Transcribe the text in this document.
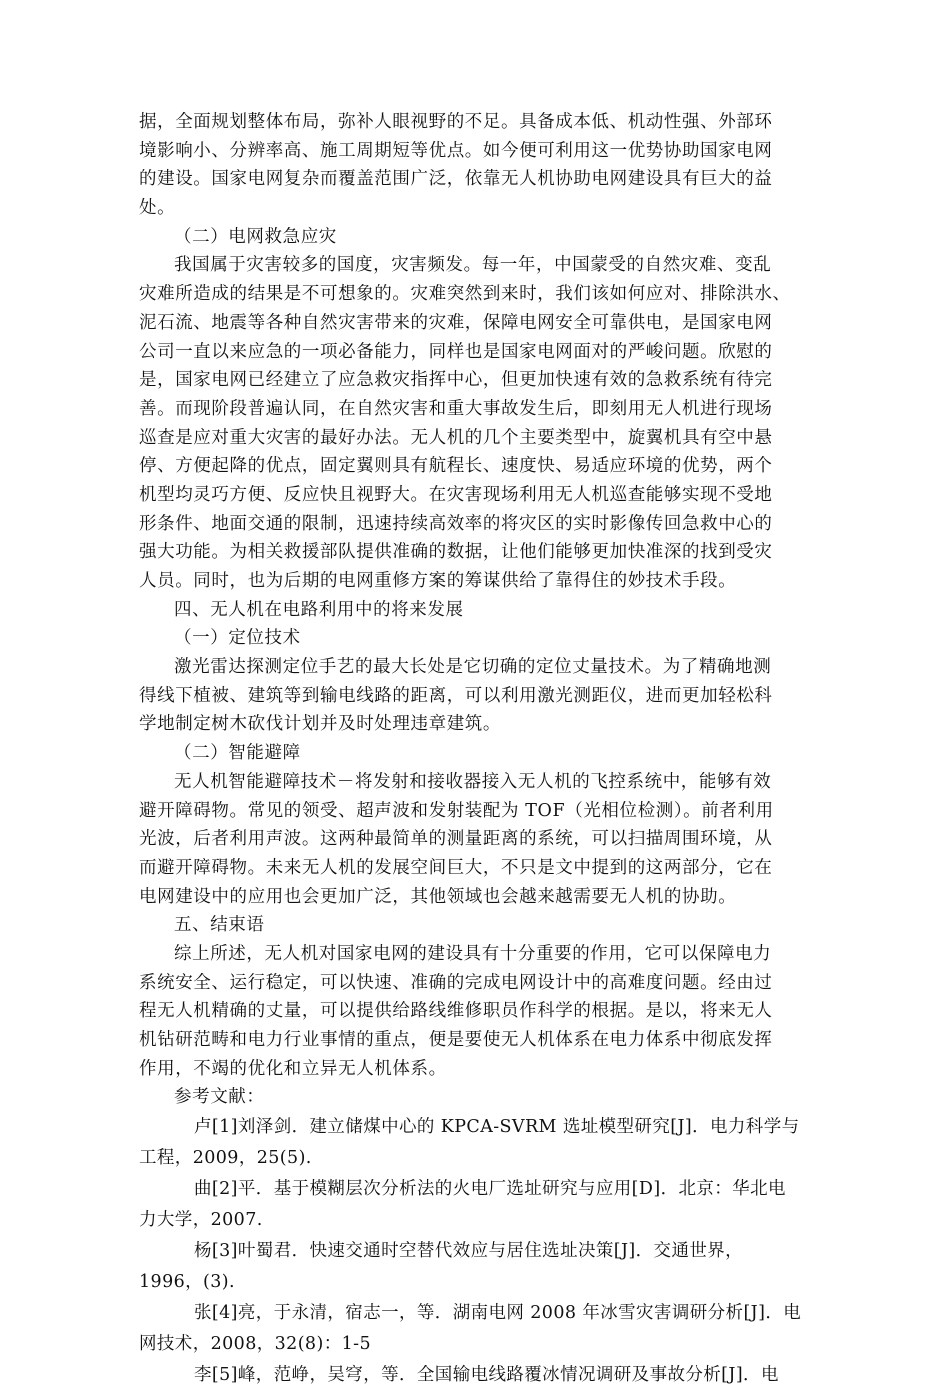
据，全面规划整体布局，弥补人眼视野的不足。具备成本低、机动性强、外部环
境影响小、分辨率高、施工周期短等优点。如今便可利用这一优势协助国家电网
的建设。国家电网复杂而覆盖范围广泛，依靠无人机协助电网建设具有巨大的益
处。
（二）电网救急应灾
我国属于灾害较多的国度，灾害频发。每一年，中国蒙受的自然灾难、变乱
灾难所造成的结果是不可想象的。灾难突然到来时，我们该如何应对、排除洪水、
泥石流、地震等各种自然灾害带来的灾难，保障电网安全可靠供电，是国家电网
公司一直以来应急的一项必备能力，同样也是国家电网面对的严峻问题。欣慰的
是，国家电网已经建立了应急救灾指挥中心，但更加快速有效的急救系统有待完
善。而现阶段普遍认同，在自然灾害和重大事故发生后，即刻用无人机进行现场
巡查是应对重大灾害的最好办法。无人机的几个主要类型中，旋翼机具有空中悬
停、方便起降的优点，固定翼则具有航程长、速度快、易适应环境的优势，两个
机型均灵巧方便、反应快且视野大。在灾害现场利用无人机巡查能够实现不受地
形条件、地面交通的限制，迅速持续高效率的将灾区的实时影像传回急救中心的
强大功能。为相关救援部队提供准确的数据，让他们能够更加快准深的找到受灾
人员。同时，也为后期的电网重修方案的筹谋供给了靠得住的妙技术手段。
四、无人机在电路利用中的将来发展
（一）定位技术
激光雷达探测定位手艺的最大长处是它切确的定位丈量技术。为了精确地测
得线下植被、建筑等到输电线路的距离，可以利用激光测距仪，进而更加轻松科
学地制定树木砍伐计划并及时处理违章建筑。
（二）智能避障
无人机智能避障技术－将发射和接收器接入无人机的飞控系统中，能够有效
避开障碍物。常见的领受、超声波和发射装配为 TOF（光相位检测）。前者利用
光波，后者利用声波。这两种最简单的测量距离的系统，可以扫描周围环境，从
而避开障碍物。未来无人机的发展空间巨大，不只是文中提到的这两部分，它在
电网建设中的应用也会更加广泛，其他领域也会越来越需要无人机的协助。
五、结束语
综上所述，无人机对国家电网的建设具有十分重要的作用，它可以保障电力
系统安全、运行稳定，可以快速、准确的完成电网设计中的高难度问题。经由过
程无人机精确的丈量，可以提供给路线维修职员作科学的根据。是以，将来无人
机钻研范畴和电力行业事情的重点，便是要使无人机体系在电力体系中彻底发挥
作用，不竭的优化和立异无人机体系。
参考文献：
卢[1]刘泽剑．建立储煤中心的 KPCA-SVRM 选址模型研究[J]．电力科学与
工程，2009，25(5).
曲[2]平．基于模糊层次分析法的火电厂选址研究与应用[D]．北京：华北电
力大学，2007.
杨[3]叶蜀君．快速交通时空替代效应与居住选址决策[J]．交通世界，
1996，(3).
张[4]亮，于永清，宿志一，等．湖南电网 2008 年冰雪灾害调研分析[J]．电
网技术，2008，32(8)：1-5
李[5]峰，范峥，吴穹，等．全国输电线路覆冰情况调研及事故分析[J]．电
